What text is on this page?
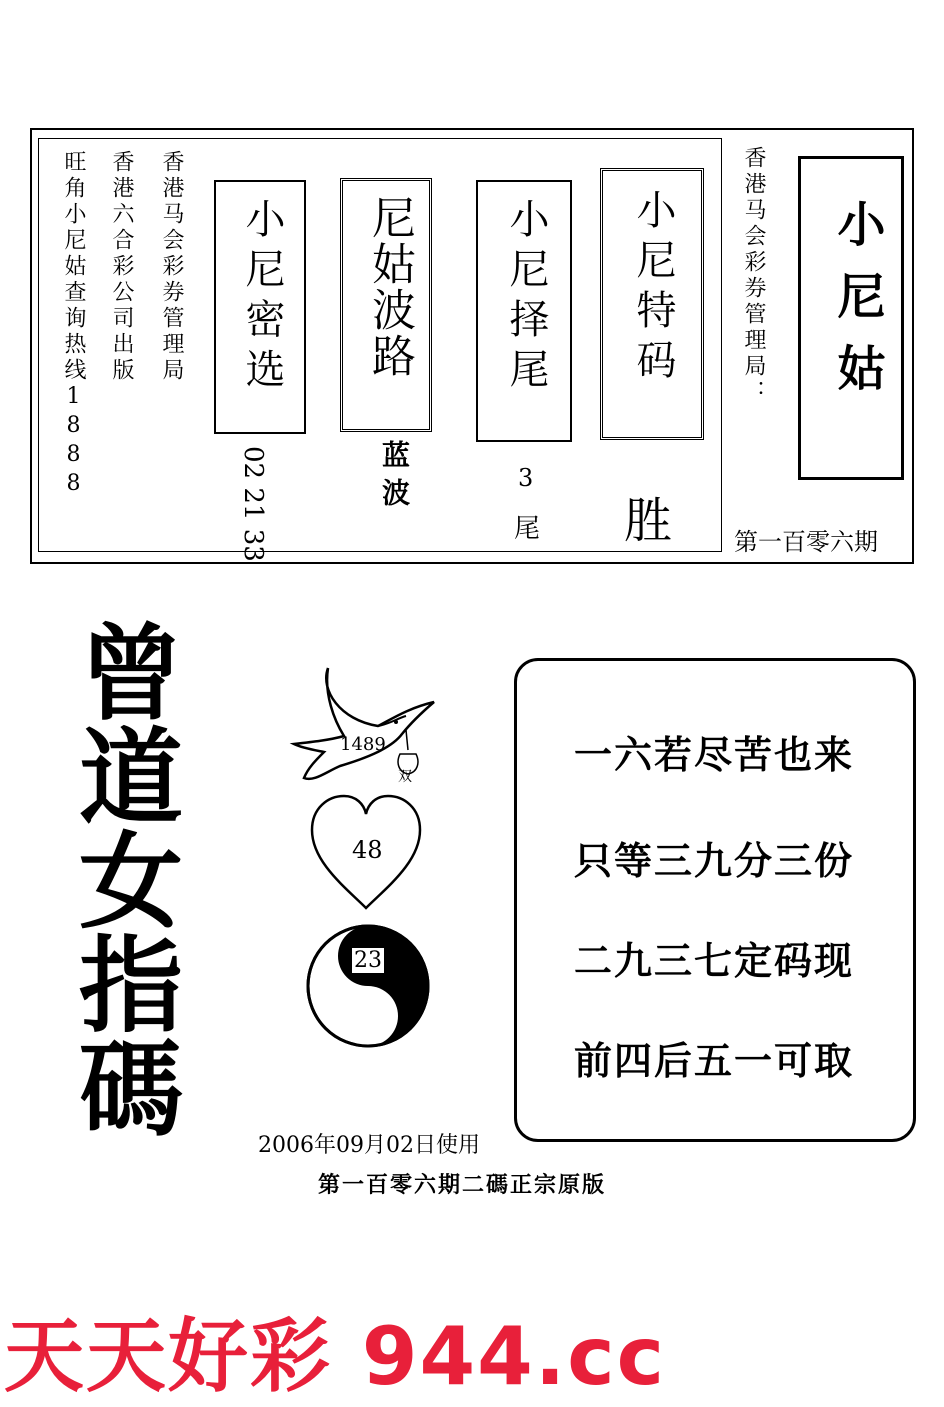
旺角小尼姑查询热线1888 香港六合彩公司出版 香港马会彩券管理局 小尼密选 尼姑波路 小尼择尾 小尼特码
02 21 33	蓝波	3
尾 胜
香港马会彩券管理局： 小尼姑
第一百零六期
曾
道
女
指
碼
1489
双
48
23
一六若尽苦也来
只等三九分三份
二九三七定码现
前四后五一可取
2006年09月02日使用
第一百零六期二碼正宗原版
天天好彩 944.cc
